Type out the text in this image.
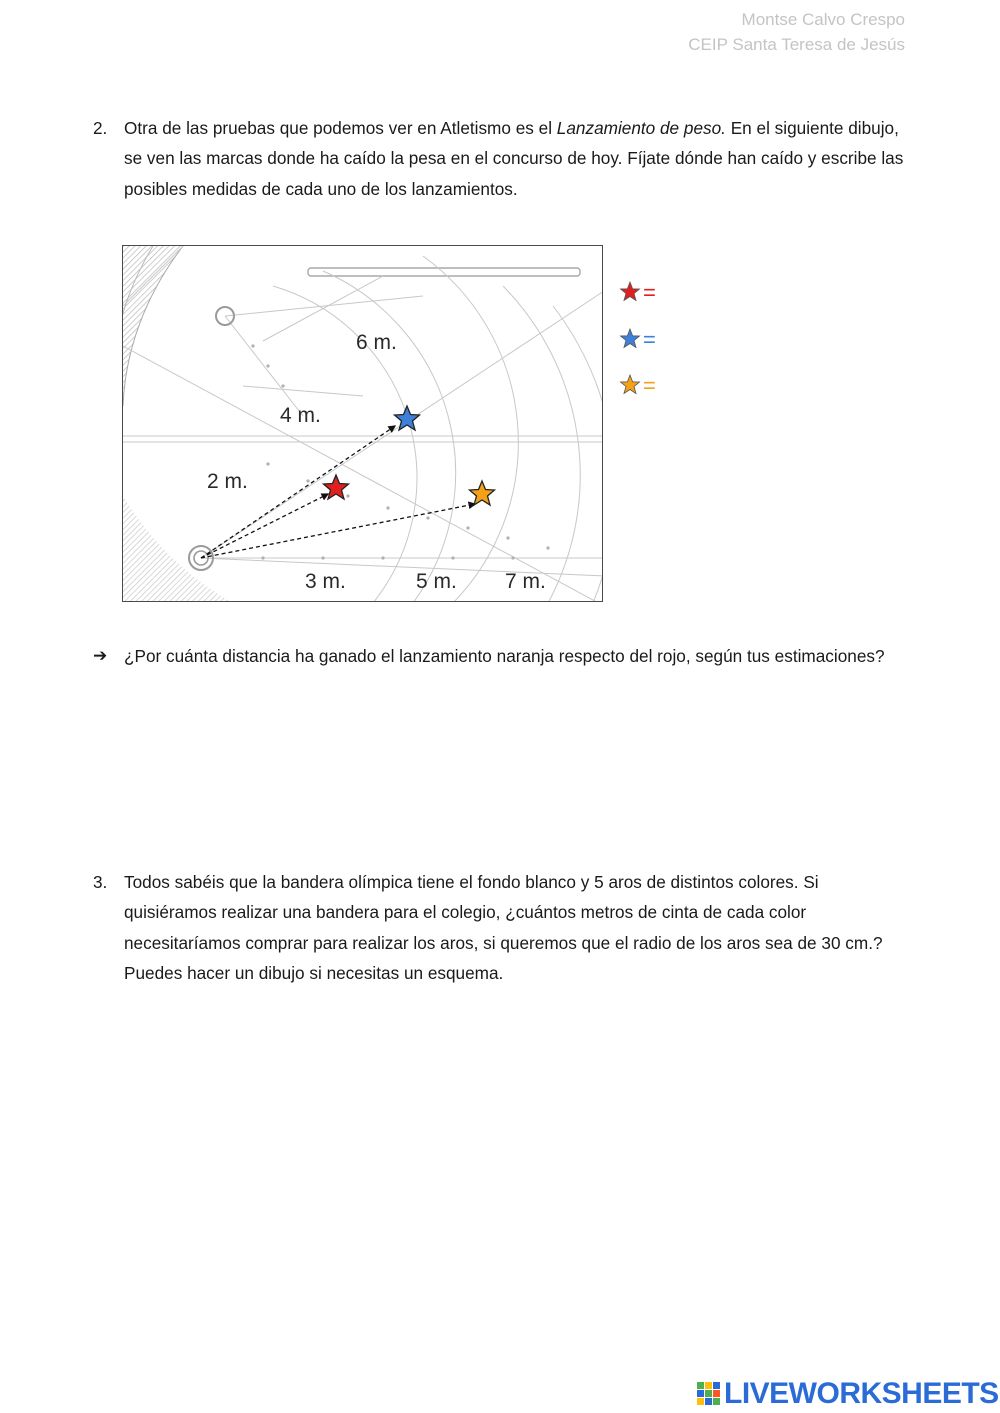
Montse Calvo Crespo
CEIP Santa Teresa de Jesús
2. Otra de las pruebas que podemos ver en Atletismo es el Lanzamiento de peso. En el siguiente dibujo, se ven las marcas donde ha caído la pesa en el concurso de hoy. Fíjate dónde han caído y escribe las posibles medidas de cada uno de los lanzamientos.
6 m.
4 m.
2 m.
3 m.	5 m. 7 m.
=
=
=
➔ ¿Por cuánta distancia ha ganado el lanzamiento naranja respecto del rojo, según tus estimaciones?
3. Todos sabéis que la bandera olímpica tiene el fondo blanco y 5 aros de distintos colores. Si quisiéramos realizar una bandera para el colegio, ¿cuántos metros de cinta de cada color necesitaríamos comprar para realizar los aros, si queremos que el radio de los aros sea de 30 cm.? Puedes hacer un dibujo si necesitas un esquema.
LIVEWORKSHEETS
